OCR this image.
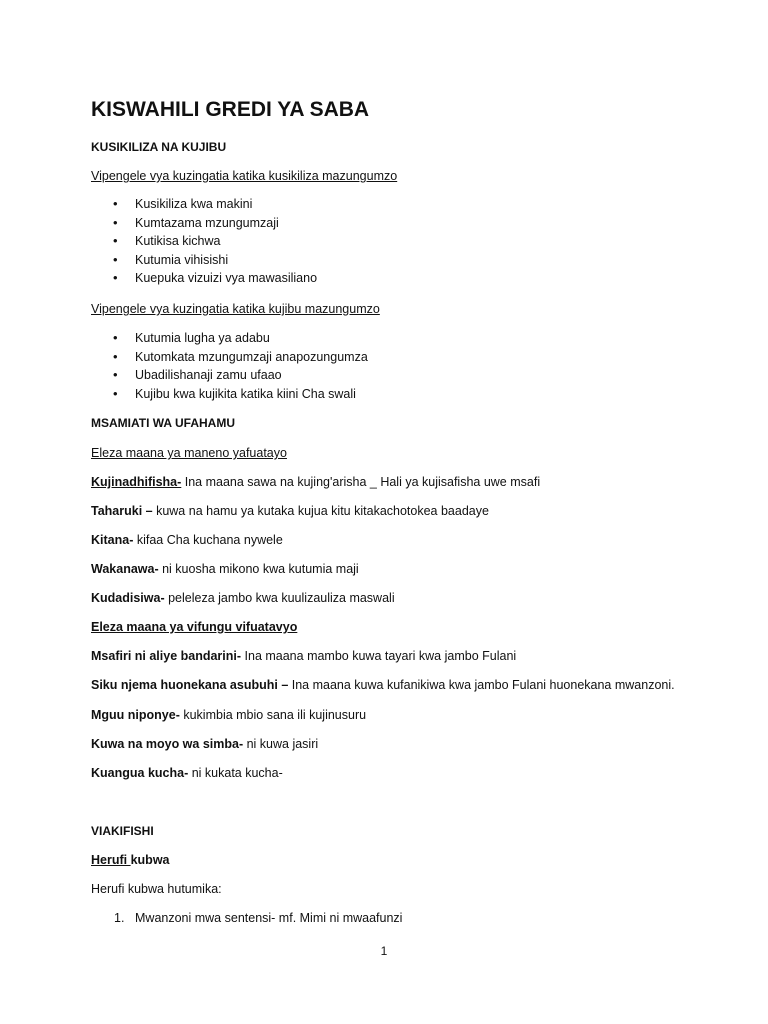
KISWAHILI GREDI YA SABA
KUSIKILIZA NA KUJIBU
Vipengele vya kuzingatia katika kusikiliza mazungumzo
• Kusikiliza kwa makini
• Kumtazama mzungumzaji
• Kutikisa kichwa
• Kutumia vihisishi
• Kuepuka vizuizi vya mawasiliano
Vipengele vya kuzingatia katika kujibu mazungumzo
• Kutumia lugha ya adabu
• Kutomkata mzungumzaji anapozungumza
• Ubadilishanaji zamu ufaao
• Kujibu kwa kujikita katika kiini Cha swali
MSAMIATI WA UFAHAMU
Eleza maana ya maneno yafuatayo
Kujinadhifisha- Ina maana sawa na kujing'arisha _ Hali ya kujisafisha uwe msafi
Taharuki – kuwa na hamu ya kutaka kujua kitu kitakachotokea baadaye
Kitana- kifaa Cha kuchana nywele
Wakanawa- ni kuosha mikono kwa kutumia maji
Kudadisiwa- peleleza jambo kwa kuulizauliza maswali
Eleza maana ya vifungu vifuatavyo
Msafiri ni aliye bandarini- Ina maana mambo kuwa tayari kwa jambo Fulani
Siku njema huonekana asubuhi – Ina maana kuwa kufanikiwa kwa jambo Fulani huonekana mwanzoni.
Mguu niponye- kukimbia mbio sana ili kujinusuru
Kuwa na moyo wa simba- ni kuwa jasiri
Kuangua kucha- ni kukata kucha-
VIAKIFISHI
Herufi kubwa
Herufi kubwa hutumika:
1. Mwanzoni mwa sentensi- mf. Mimi ni mwaafunzi
1
